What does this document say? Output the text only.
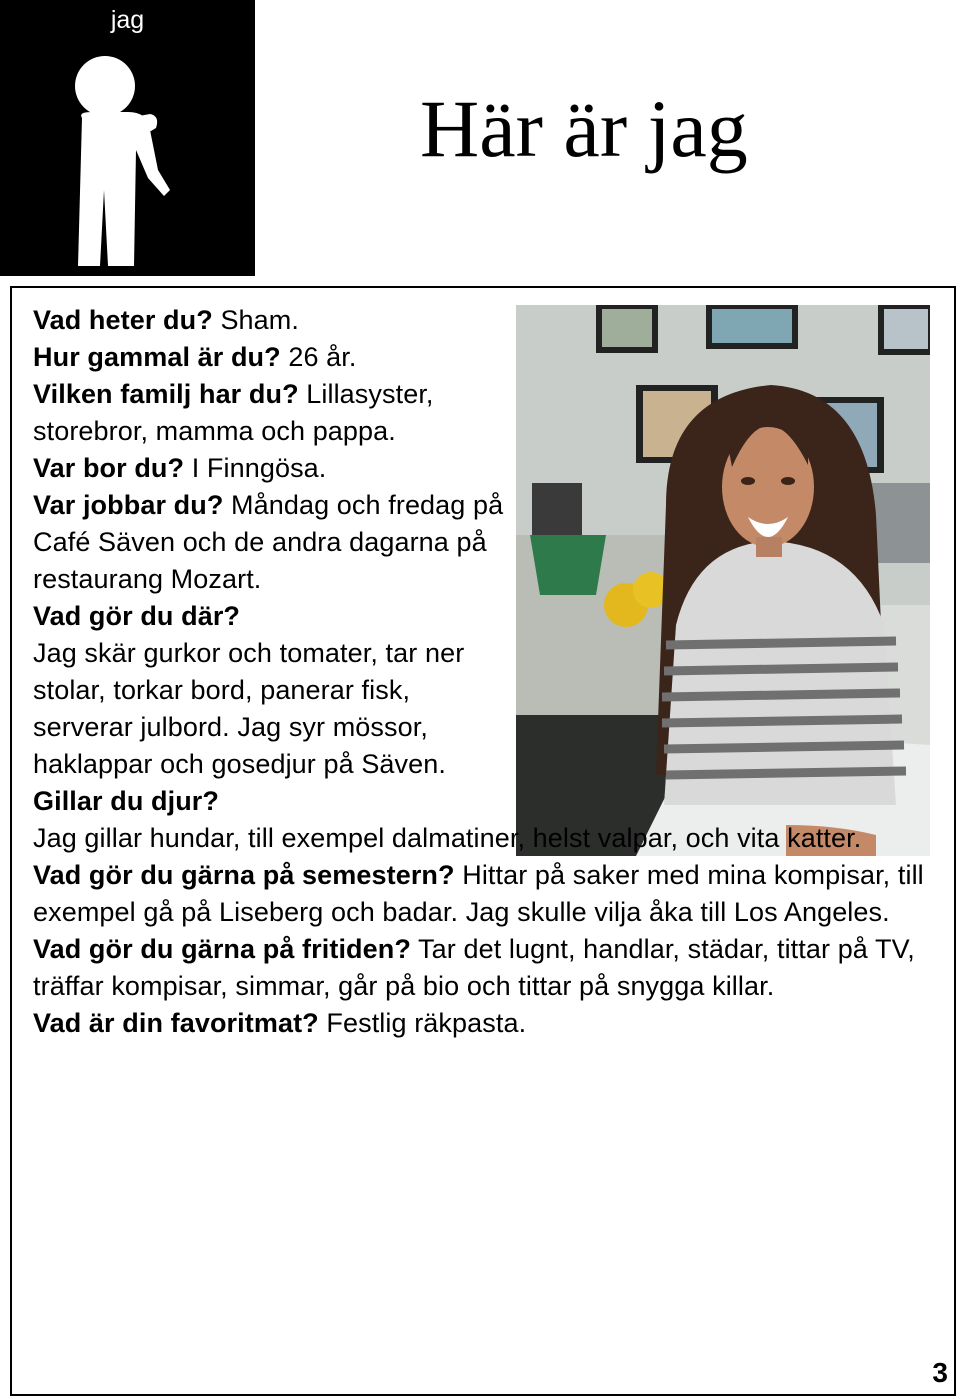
jag
Här är jag
Vad heter du? Sham.
Hur gammal är du? 26 år.
Vilken familj har du? Lillasyster, storebror, mamma och pappa.
Var bor du? I Finngösa.
Var jobbar du? Måndag och fredag på Café Säven och de andra dagarna på restaurang Mozart.
Vad gör du där?
Jag skär gurkor och tomater, tar ner stolar, torkar bord, panerar fisk, serverar julbord. Jag syr mössor, haklappar och gosedjur på Säven.
Gillar du djur?
Jag gillar hundar, till exempel dalmatiner, helst valpar, och vita katter.
Vad gör du gärna på semestern? Hittar på saker med mina kompisar, till exempel gå på Liseberg och badar. Jag skulle vilja åka till Los Angeles.
Vad gör du gärna på fritiden? Tar det lugnt, handlar, städar, tittar på TV, träffar kompisar, simmar, går på bio och tittar på snygga killar.
Vad är din favoritmat? Festlig räkpasta.
3
